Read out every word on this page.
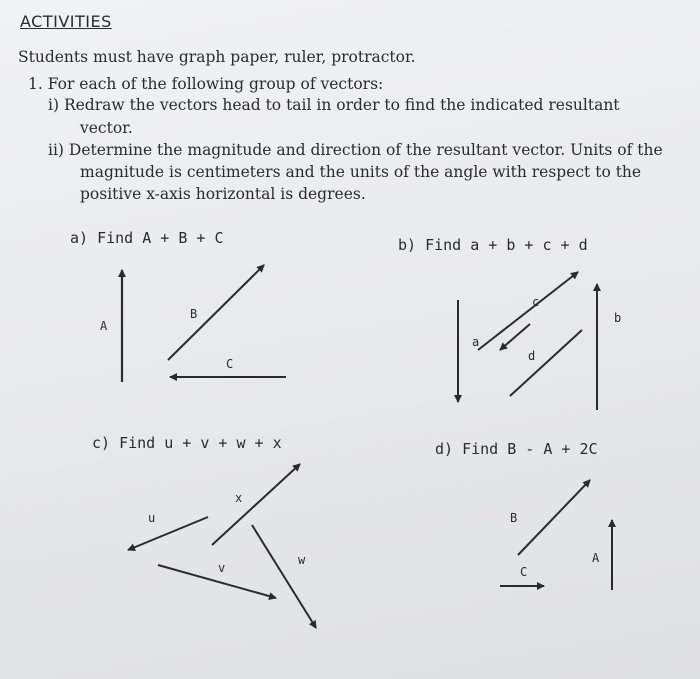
ACTIVITIES
Students must have graph paper, ruler, protractor.
1. For each of the following group of vectors:
i) Redraw the vectors head to tail in order to find the indicated resultant
vector.
ii) Determine the magnitude and direction of the resultant vector. Units of the
magnitude is centimeters and the units of the angle with respect to the
positive x-axis horizontal is degrees.
a) Find A + B + C	b) Find a + b + c + d
c) Find u + v + w + x	d) Find B - A + 2C
A
B
C
a
b
c
d
u
v
w
x
B
A
C
